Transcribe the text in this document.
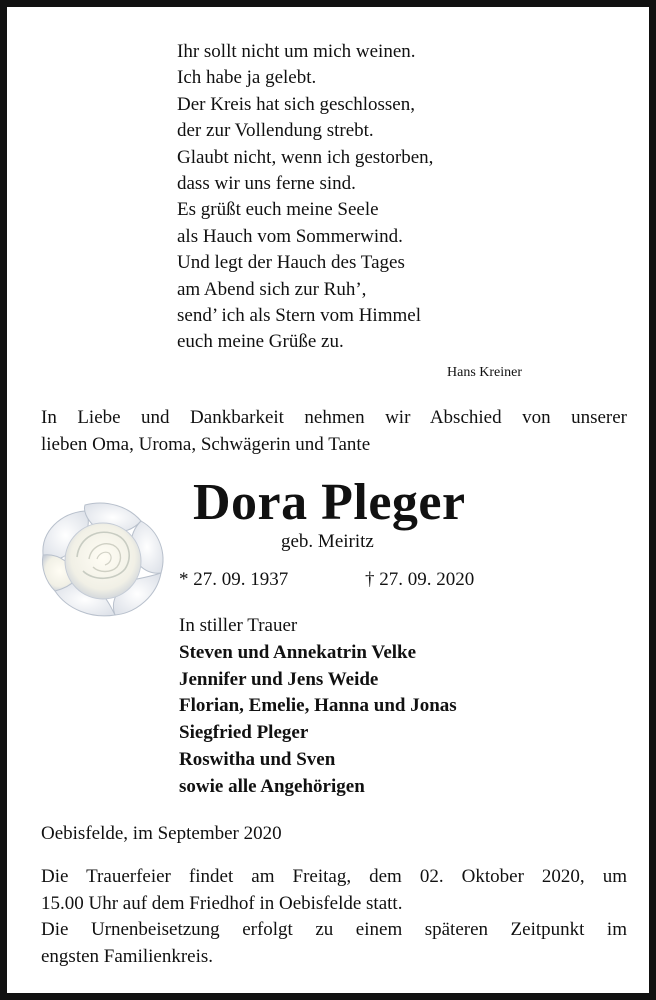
Ihr sollt nicht um mich weinen.
Ich habe ja gelebt.
Der Kreis hat sich geschlossen,
der zur Vollendung strebt.
Glaubt nicht, wenn ich gestorben,
dass wir uns ferne sind.
Es grüßt euch meine Seele
als Hauch vom Sommerwind.
Und legt der Hauch des Tages
am Abend sich zur Ruh’,
send’ ich als Stern vom Himmel
euch meine Grüße zu.
Hans Kreiner
In Liebe und Dankbarkeit nehmen wir Abschied von unserer
lieben Oma, Uroma, Schwägerin und Tante
Dora Pleger
geb. Meiritz
* 27. 09. 1937	† 27. 09. 2020
In stiller Trauer
Steven und Annekatrin Velke
Jennifer und Jens Weide
Florian, Emelie, Hanna und Jonas
Siegfried Pleger
Roswitha und Sven
sowie alle Angehörigen
Oebisfelde, im September 2020
Die Trauerfeier findet am Freitag, dem 02. Oktober 2020, um
15.00 Uhr auf dem Friedhof in Oebisfelde statt.
Die Urnenbeisetzung erfolgt zu einem späteren Zeitpunkt im
engsten Familienkreis.
